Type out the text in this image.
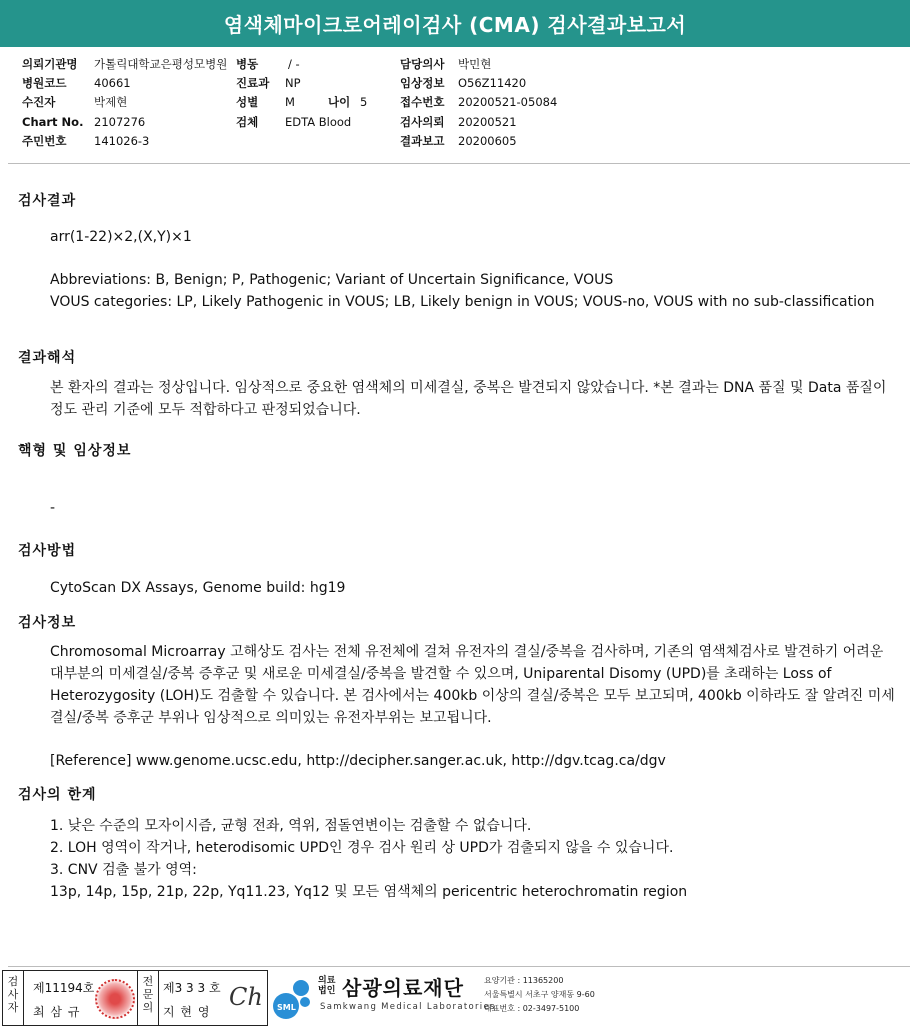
염색체마이크로어레이검사 (CMA) 검사결과보고서
의뢰기관명 가톨릭대학교은평성모병원
병원코드 40661
수진자	박제현
Chart No. 2107276
주민번호 141026-3
병동	/ -
진료과 NP
성별 M	나이 5
검체 EDTA Blood
담당의사 박민현
임상정보 O56Z11420
접수번호 20200521-05084
검사의뢰 20200521
결과보고 20200605
검사결과
arr(1-22)×2,(X,Y)×1
Abbreviations: B, Benign; P, Pathogenic; Variant of Uncertain Significance, VOUS
VOUS categories: LP, Likely Pathogenic in VOUS; LB, Likely benign in VOUS; VOUS-no, VOUS with no sub-classification
결과해석
본 환자의 결과는 정상입니다. 임상적으로 중요한 염색체의 미세결실, 중복은 발견되지 않았습니다. *본 결과는 DNA 품질 및 Data 품질이 정도 관리 기준에 모두 적합하다고 판정되었습니다.
핵형 및 임상정보
-
검사방법
CytoScan DX Assays, Genome build: hg19
검사정보
Chromosomal Microarray 고해상도 검사는 전체 유전체에 걸쳐 유전자의 결실/중복을 검사하며, 기존의 염색체검사로 발견하기 어려운 대부분의 미세결실/중복 증후군 및 새로운 미세결실/중복을 발견할 수 있으며, Uniparental Disomy (UPD)를 초래하는 Loss of Heterozygosity (LOH)도 검출할 수 있습니다. 본 검사에서는 400kb 이상의 결실/중복은 모두 보고되며, 400kb 이하라도 잘 알려진 미세결실/중복 증후군 부위나 임상적으로 의미있는 유전자부위는 보고됩니다.
[Reference] www.genome.ucsc.edu, http://decipher.sanger.ac.uk, http://dgv.tcag.ca/dgv
검사의 한계
1. 낮은 수준의 모자이시즘, 균형 전좌, 역위, 점돌연변이는 검출할 수 없습니다.
2. LOH 영역이 작거나, heterodisomic UPD인 경우 검사 원리 상 UPD가 검출되지 않을 수 있습니다.
3. CNV 검출 불가 영역:
13p, 14p, 15p, 21p, 22p, Yq11.23, Yq12 및 모든 염색체의 pericentric heterochromatin region
검사자
제11194호
최 삼 규
전문의
제3 3 3 호
지 현 영
Ch SML
의료
법인 삼광의료재단
Samkwang Medical Laboratories
요양기관 : 11365200
서울특별시 서초구 양재동 9-60
대표번호 : 02-3497-5100
